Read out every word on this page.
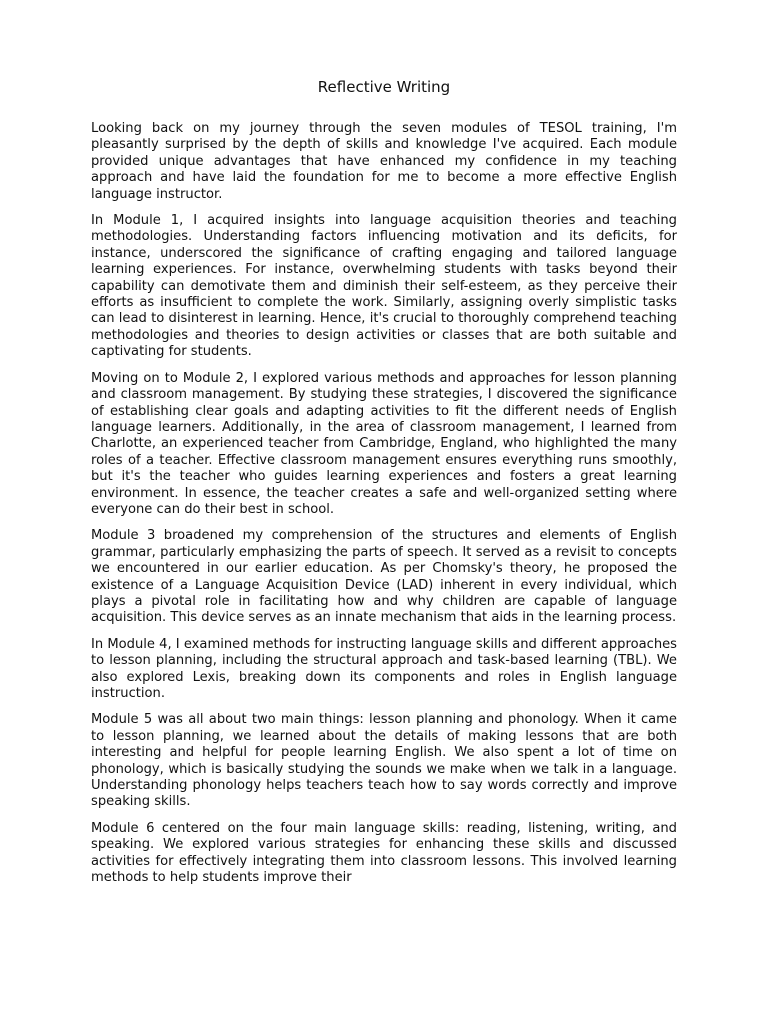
Reflective Writing

Looking back on my journey through the seven modules of TESOL training, I'm pleasantly surprised by the depth of skills and knowledge I've acquired. Each module provided unique advantages that have enhanced my confidence in my teaching approach and have laid the foundation for me to become a more effective English language instructor.

In Module 1, I acquired insights into language acquisition theories and teaching methodologies. Understanding factors influencing motivation and its deficits, for instance, underscored the significance of crafting engaging and tailored language learning experiences. For instance, overwhelming students with tasks beyond their capability can demotivate them and diminish their self-esteem, as they perceive their efforts as insufficient to complete the work. Similarly, assigning overly simplistic tasks can lead to disinterest in learning. Hence, it's crucial to thoroughly comprehend teaching methodologies and theories to design activities or classes that are both suitable and captivating for students.

Moving on to Module 2, I explored various methods and approaches for lesson planning and classroom management. By studying these strategies, I discovered the significance of establishing clear goals and adapting activities to fit the different needs of English language learners. Additionally, in the area of classroom management, I learned from Charlotte, an experienced teacher from Cambridge, England, who highlighted the many roles of a teacher. Effective classroom management ensures everything runs smoothly, but it's the teacher who guides learning experiences and fosters a great learning environment. In essence, the teacher creates a safe and well-organized setting where everyone can do their best in school.

Module 3 broadened my comprehension of the structures and elements of English grammar, particularly emphasizing the parts of speech. It served as a revisit to concepts we encountered in our earlier education. As per Chomsky's theory, he proposed the existence of a Language Acquisition Device (LAD) inherent in every individual, which plays a pivotal role in facilitating how and why children are capable of language acquisition. This device serves as an innate mechanism that aids in the learning process.

In Module 4, I examined methods for instructing language skills and different approaches to lesson planning, including the structural approach and task-based learning (TBL). We also explored Lexis, breaking down its components and roles in English language instruction.

Module 5 was all about two main things: lesson planning and phonology. When it came to lesson planning, we learned about the details of making lessons that are both interesting and helpful for people learning English. We also spent a lot of time on phonology, which is basically studying the sounds we make when we talk in a language. Understanding phonology helps teachers teach how to say words correctly and improve speaking skills.

Module 6 centered on the four main language skills: reading, listening, writing, and speaking. We explored various strategies for enhancing these skills and discussed activities for effectively integrating them into classroom lessons. This involved learning methods to help students improve their
